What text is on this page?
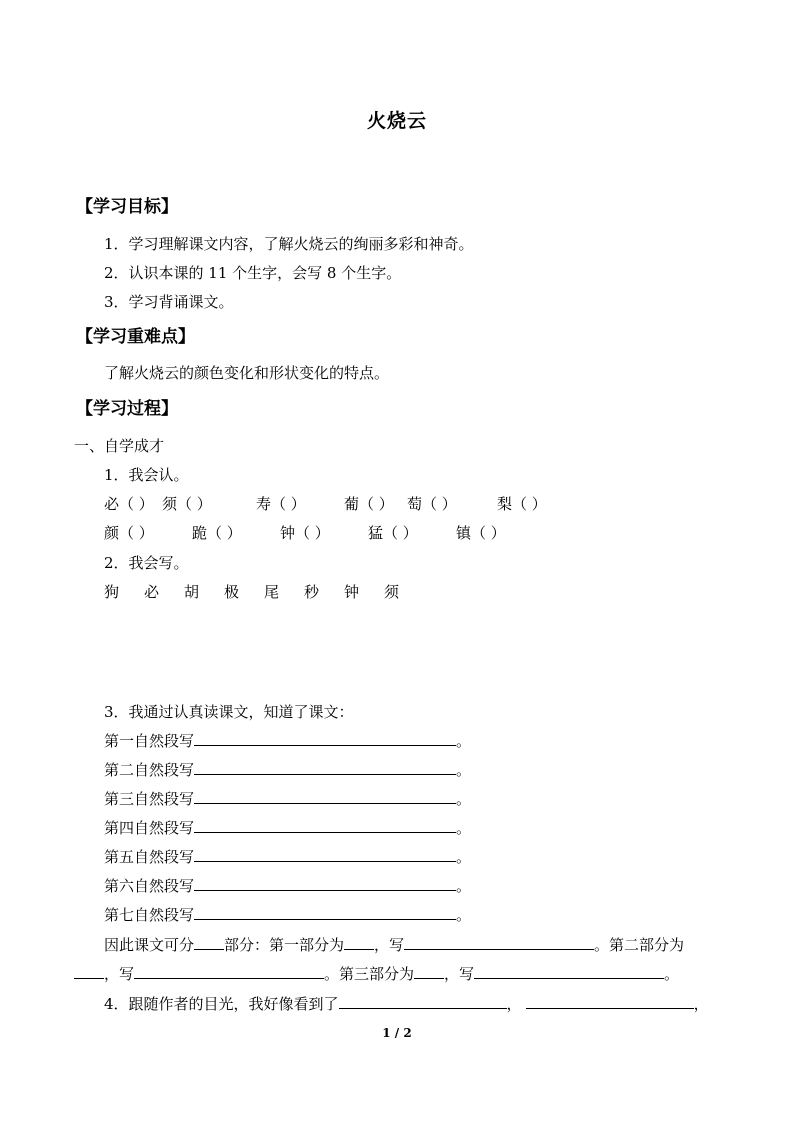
火烧云
【学习目标】
1．学习理解课文内容，了解火烧云的绚丽多彩和神奇。
2．认识本课的 11 个生字，会写 8 个生字。
3．学习背诵课文。
【学习重难点】
了解火烧云的颜色变化和形状变化的特点。
【学习过程】
一、自学成才
1．我会认。
必（ ） 须（ ）	寿（ ）	葡（ ） 萄（ ）	梨（ ）
颜（ ）	跪（ ）	钟（ ）	猛（ ）	镇（ ）
2．我会写。
狗 必 胡 极 尾 秒 钟 须
3．我通过认真读课文，知道了课文：
第一自然段写	。
第二自然段写	。
第三自然段写	。
第四自然段写	。
第五自然段写	。
第六自然段写	。
第七自然段写	。
因此课文可分 部分：第一部分为 ，写	。第二部分为
，写	。第三部分为 ，写	。
4．跟随作者的目光，我好像看到了	，	，
1 / 2
